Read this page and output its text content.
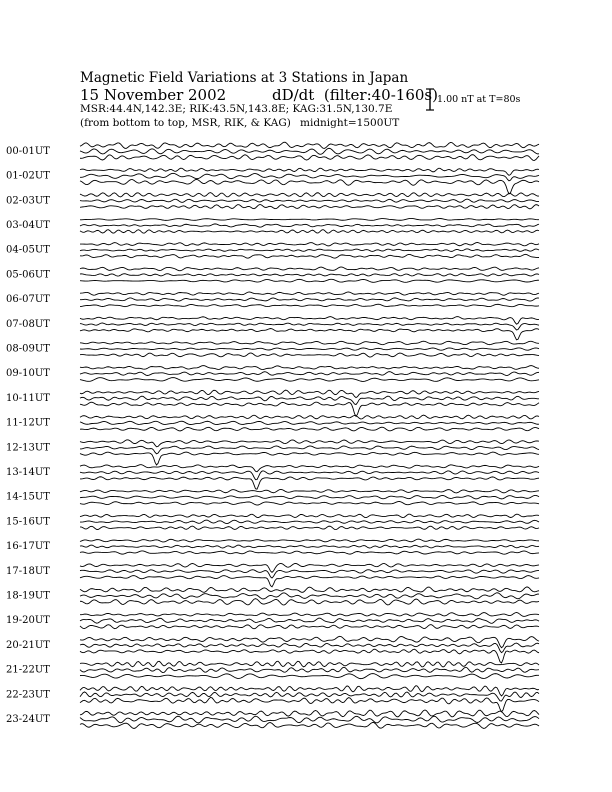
Magnetic Field Variations at 3 Stations in Japan
15 November 2002	dD/dt (filter:40-160s)
MSR:44.4N,142.3E; RIK:43.5N,143.8E; KAG:31.5N,130.7E
(from bottom to top, MSR, RIK, & KAG) midnight=1500UT
1.00 nT at T=80s
00-01UT
01-02UT
02-03UT
03-04UT
04-05UT
05-06UT
06-07UT
07-08UT
08-09UT
09-10UT
10-11UT
11-12UT
12-13UT
13-14UT
14-15UT
15-16UT
16-17UT
17-18UT
18-19UT
19-20UT
20-21UT
21-22UT
22-23UT
23-24UT
